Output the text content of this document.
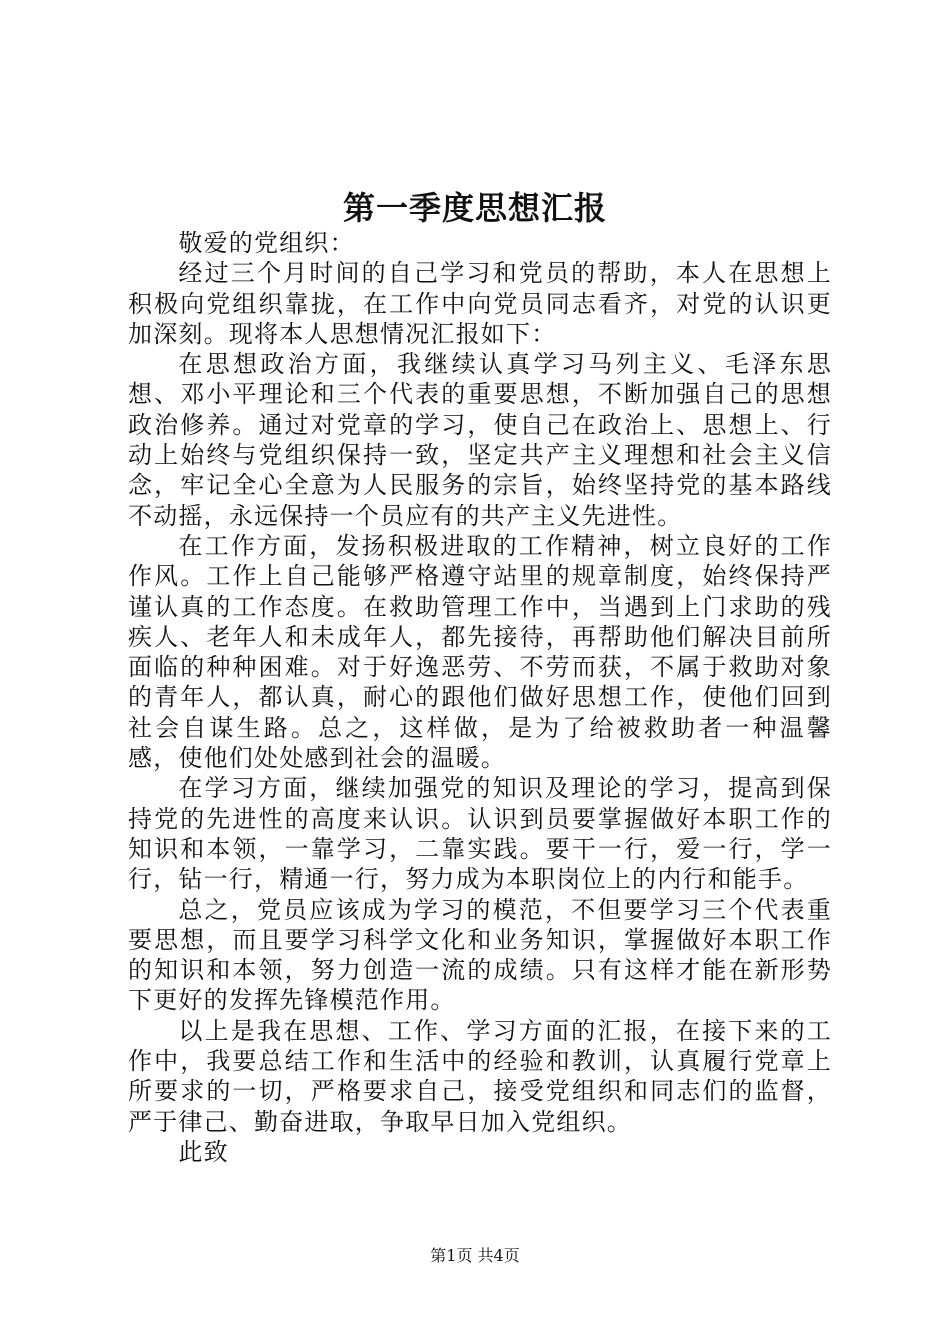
第一季度思想汇报

敬爱的党组织：

经过三个月时间的自己学习和党员的帮助，本人在思想上积极向党组织靠拢，在工作中向党员同志看齐，对党的认识更加深刻。现将本人思想情况汇报如下：

在思想政治方面，我继续认真学习马列主义、毛泽东思想、邓小平理论和三个代表的重要思想，不断加强自己的思想政治修养。通过对党章的学习，使自己在政治上、思想上、行动上始终与党组织保持一致，坚定共产主义理想和社会主义信念，牢记全心全意为人民服务的宗旨，始终坚持党的基本路线不动摇，永远保持一个员应有的共产主义先进性。

在工作方面，发扬积极进取的工作精神，树立良好的工作作风。工作上自己能够严格遵守站里的规章制度，始终保持严谨认真的工作态度。在救助管理工作中，当遇到上门求助的残疾人、老年人和未成年人，都先接待，再帮助他们解决目前所面临的种种困难。对于好逸恶劳、不劳而获，不属于救助对象的青年人，都认真，耐心的跟他们做好思想工作，使他们回到社会自谋生路。总之，这样做，是为了给被救助者一种温馨感，使他们处处感到社会的温暖。

在学习方面，继续加强党的知识及理论的学习，提高到保持党的先进性的高度来认识。认识到员要掌握做好本职工作的知识和本领，一靠学习，二靠实践。要干一行，爱一行，学一行，钻一行，精通一行，努力成为本职岗位上的内行和能手。

总之，党员应该成为学习的模范，不但要学习三个代表重要思想，而且要学习科学文化和业务知识，掌握做好本职工作的知识和本领，努力创造一流的成绩。只有这样才能在新形势下更好的发挥先锋模范作用。

以上是我在思想、工作、学习方面的汇报，在接下来的工作中，我要总结工作和生活中的经验和教训，认真履行党章上所要求的一切，严格要求自己，接受党组织和同志们的监督，严于律己、勤奋进取，争取早日加入党组织。

此致

第1页 共4页
